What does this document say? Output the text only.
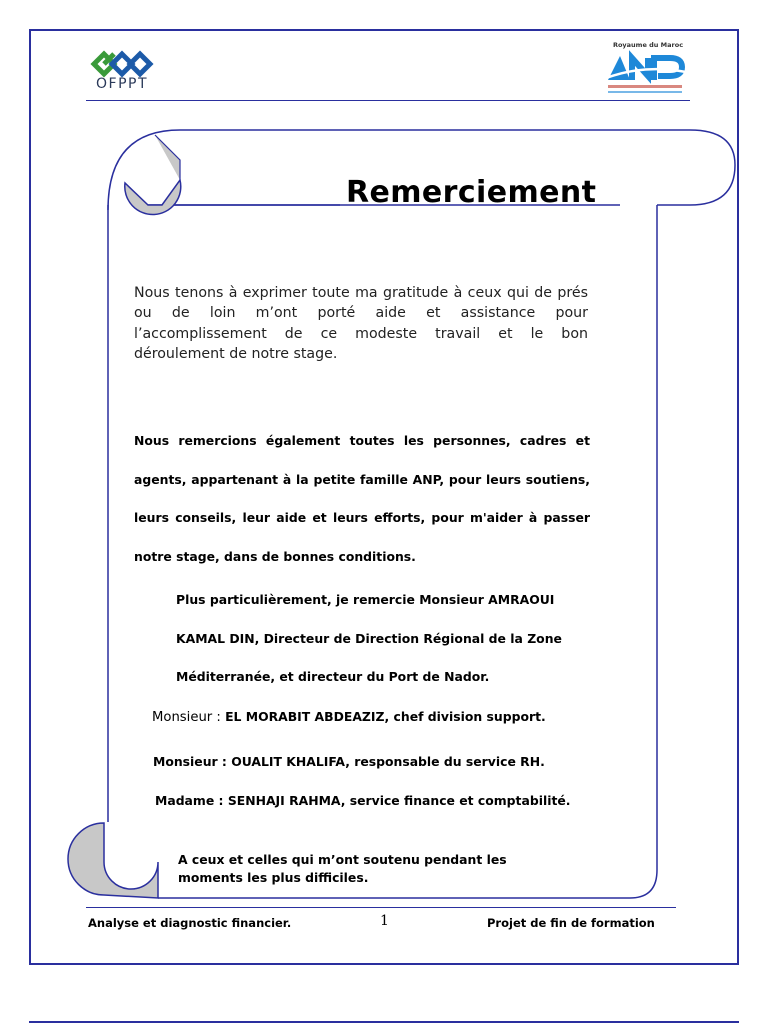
OFPPT
Royaume du Maroc
Remerciement
Nous tenons à exprimer toute ma gratitude à ceux qui de prés ou de loin m’ont porté aide et assistance pour l’accomplissement de ce modeste travail et le bon déroulement de notre stage.
Nous remercions également toutes les personnes, cadres et agents, appartenant à la petite famille ANP, pour leurs soutiens, leurs conseils, leur aide et leurs efforts, pour m'aider à passer notre stage, dans de bonnes conditions.
Plus particulièrement, je remercie Monsieur AMRAOUI KAMAL DIN, Directeur de Direction Régional de la Zone Méditerranée, et directeur du Port de Nador.
Monsieur : EL MORABIT ABDEAZIZ, chef division support.
Monsieur : OUALIT KHALIFA, responsable du service RH.
Madame : SENHAJI RAHMA, service finance et comptabilité.
A ceux et celles qui m’ont soutenu pendant les moments les plus difficiles.
Analyse et diagnostic financier.	1	Projet de fin de formation
